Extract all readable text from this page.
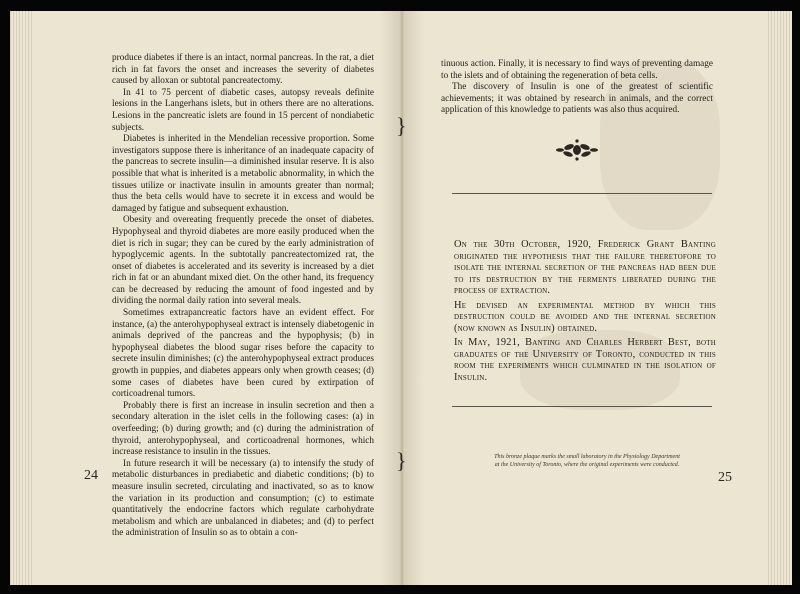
produce diabetes if there is an intact, normal pancreas. In the rat, a diet rich in fat favors the onset and increases the severity of diabetes caused by alloxan or subtotal pancreatectomy.

In 41 to 75 percent of diabetic cases, autopsy reveals definite lesions in the Langerhans islets, but in others there are no alterations. Lesions in the pancreatic islets are found in 15 percent of nondiabetic subjects.

Diabetes is inherited in the Mendelian recessive proportion. Some investigators suppose there is inheritance of an inadequate capacity of the pancreas to secrete insulin—a diminished insular reserve. It is also possible that what is inherited is a metabolic abnormality, in which the tissues utilize or inactivate insulin in amounts greater than normal; thus the beta cells would have to secrete it in excess and would be damaged by fatigue and subsequent exhaustion.

Obesity and overeating frequently precede the onset of diabetes. Hypophyseal and thyroid diabetes are more easily produced when the diet is rich in sugar; they can be cured by the early administration of hypoglycemic agents. In the subtotally pancreatectomized rat, the onset of diabetes is accelerated and its severity is increased by a diet rich in fat or an abundant mixed diet. On the other hand, its frequency can be decreased by reducing the amount of food ingested and by dividing the normal daily ration into several meals.

Sometimes extrapancreatic factors have an evident effect. For instance, (a) the anterohypophyseal extract is intensely diabetogenic in animals deprived of the pancreas and the hypophysis; (b) in hypophyseal diabetes the blood sugar rises before the capacity to secrete insulin diminishes; (c) the anterohypophyseal extract produces growth in puppies, and diabetes appears only when growth ceases; (d) some cases of diabetes have been cured by extirpation of corticoadrenal tumors.

Probably there is first an increase in insulin secretion and then a secondary alteration in the islet cells in the following cases: (a) in overfeeding; (b) during growth; and (c) during the administration of thyroid, anterohypophyseal, and corticoadrenal hormones, which increase resistance to insulin in the tissues.

In future research it will be necessary (a) to intensify the study of metabolic disturbances in prediabetic and diabetic conditions; (b) to measure insulin secreted, circulating and inactivated, so as to know the variation in its production and consumption; (c) to estimate quantitatively the endocrine factors which regulate carbohydrate metabolism and which are unbalanced in diabetes; and (d) to perfect the administration of Insulin so as to obtain a con-

24
}
}

tinuous action. Finally, it is necessary to find ways of preventing damage to the islets and of obtaining the regeneration of beta cells.

The discovery of Insulin is one of the greatest of scientific achievements; it was obtained by research in animals, and the correct application of this knowledge to patients was also thus acquired.

On the 30th October, 1920, Frederick Grant Banting originated the hypothesis that the failure theretofore to isolate the internal secretion of the pancreas had been due to its destruction by the ferments liberated during the process of extraction.

He devised an experimental method by which this destruction could be avoided and the internal secretion (now known as Insulin) obtained.

In May, 1921, Banting and Charles Herbert Best, both graduates of the University of Toronto, conducted in this room the experiments which culminated in the isolation of Insulin.

This bronze plaque marks the small laboratory in the Physiology Department
at the University of Toronto, where the original experiments were conducted.
25
